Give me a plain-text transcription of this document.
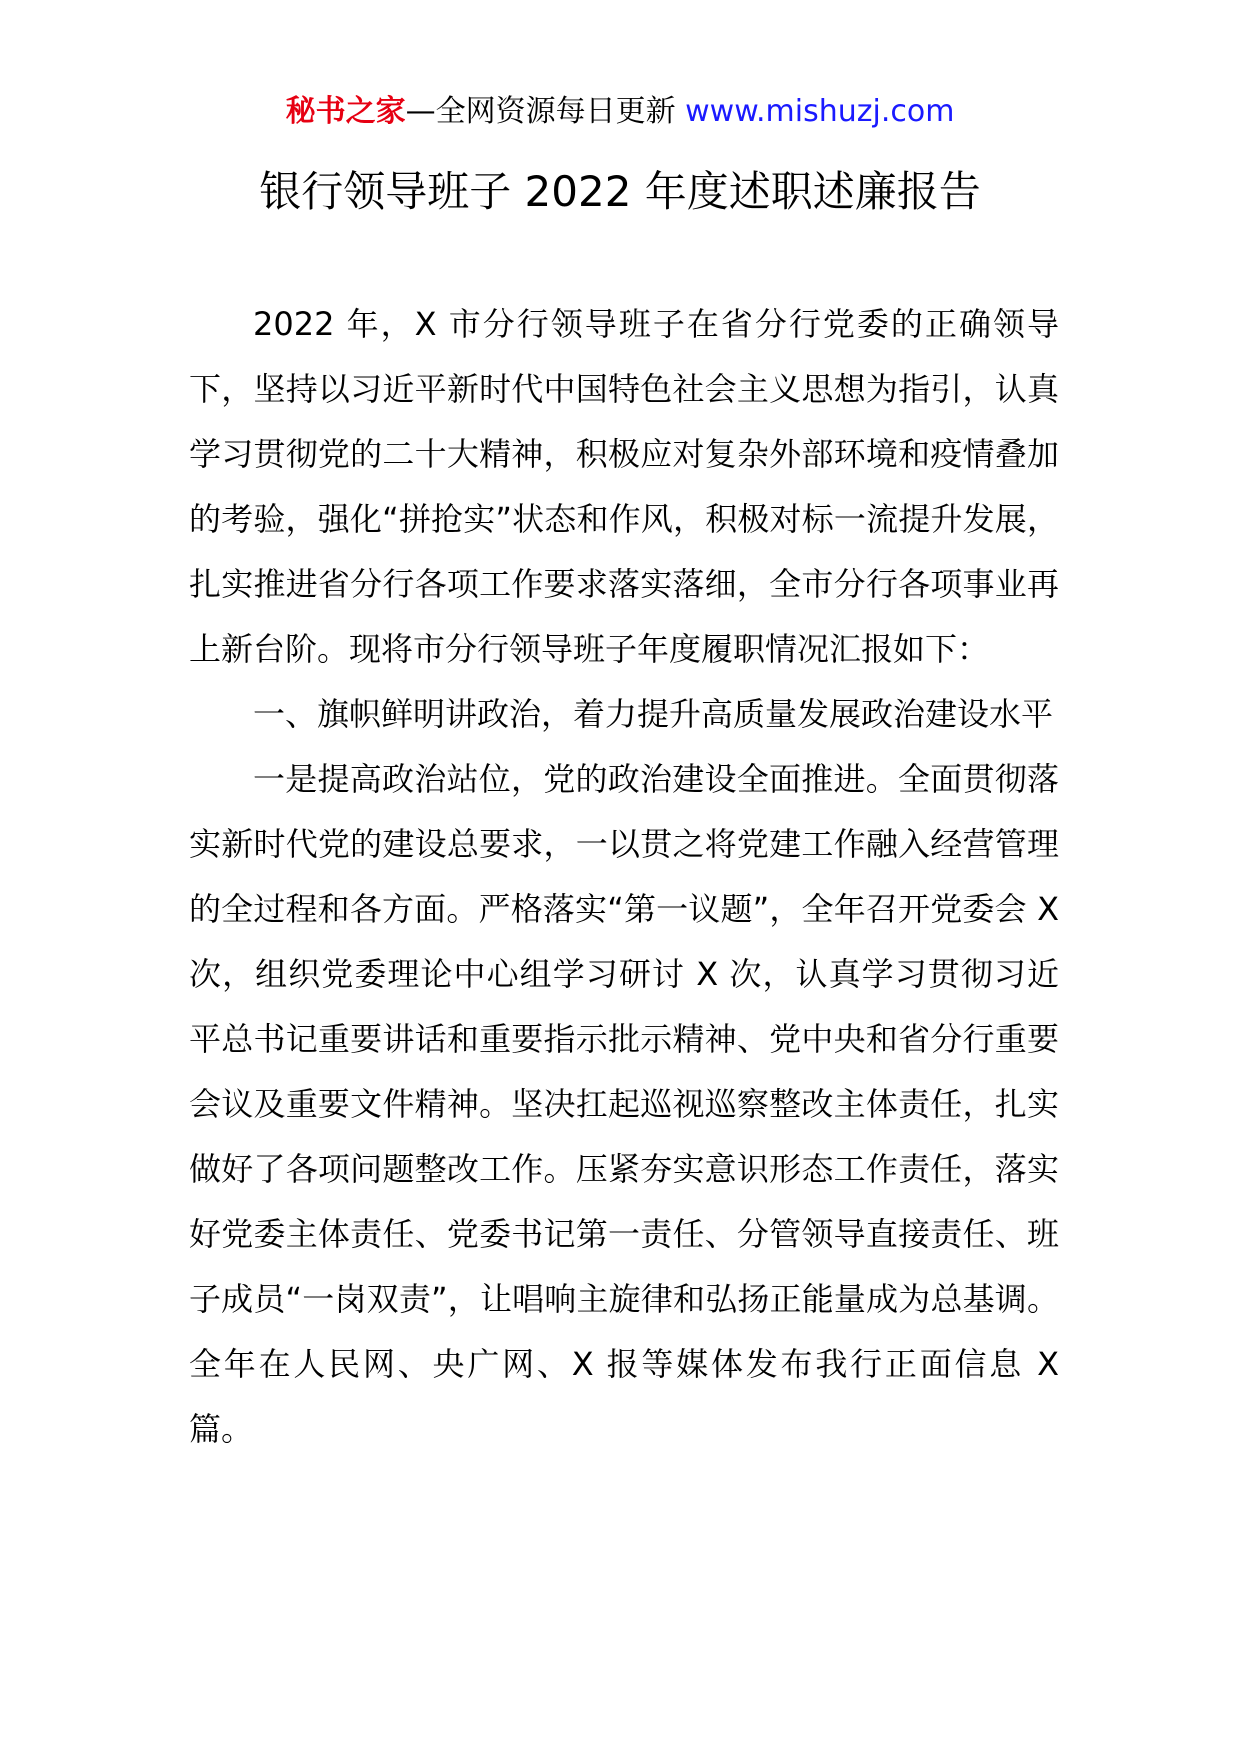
秘书之家—全网资源每日更新 www.mishuzj.com
银行领导班子 2022 年度述职述廉报告

2022 年，X 市分行领导班子在省分行党委的正确领导下，坚持以习近平新时代中国特色社会主义思想为指引，认真学习贯彻党的二十大精神，积极应对复杂外部环境和疫情叠加的考验，强化“拼抢实”状态和作风，积极对标一流提升发展，扎实推进省分行各项工作要求落实落细，全市分行各项事业再上新台阶。现将市分行领导班子年度履职情况汇报如下：

一、旗帜鲜明讲政治，着力提升高质量发展政治建设水平

一是提高政治站位，党的政治建设全面推进。全面贯彻落实新时代党的建设总要求，一以贯之将党建工作融入经营管理的全过程和各方面。严格落实“第一议题”，全年召开党委会 X 次，组织党委理论中心组学习研讨 X 次，认真学习贯彻习近平总书记重要讲话和重要指示批示精神、党中央和省分行重要会议及重要文件精神。坚决扛起巡视巡察整改主体责任，扎实做好了各项问题整改工作。压紧夯实意识形态工作责任，落实好党委主体责任、党委书记第一责任、分管领导直接责任、班子成员“一岗双责”，让唱响主旋律和弘扬正能量成为总基调。全年在人民网、央广网、X 报等媒体发布我行正面信息 X 篇。
